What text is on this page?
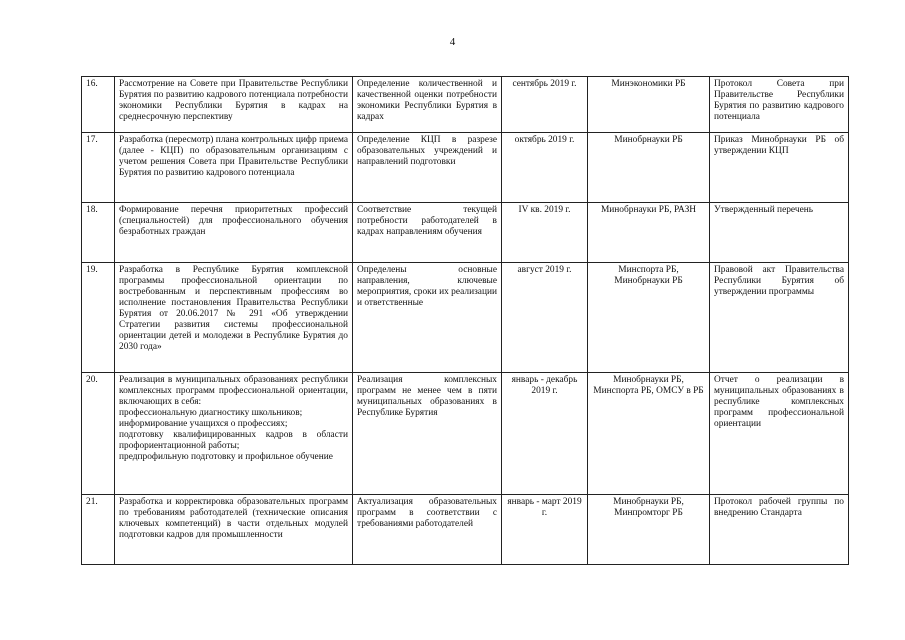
4
16.	Рассмотрение на Совете при Правительстве Республики Бурятия по развитию кадрового потенциала потребности экономики Республики Бурятия в кадрах на среднесрочную перспективу	Определение количественной и качественной оценки потребности экономики Республики Бурятия в кадрах	сентябрь 2019 г.	Минэкономики РБ	Протокол Совета при Правительстве Республики Бурятия по развитию кадрового потенциала
17.	Разработка (пересмотр) плана контрольных цифр приема (далее - КЦП) по образовательным организациям с учетом решения Совета при Правительстве Республики Бурятия по развитию кадрового потенциала	Определение КЦП в разрезе образовательных учреждений и направлений подготовки	октябрь 2019 г.	Минобрнауки РБ	Приказ Минобрнауки РБ об утверждении КЦП
18.	Формирование перечня приоритетных профессий (специальностей) для профессионального обучения безработных граждан	Соответствие текущей потребности работодателей в кадрах направлениям обучения	IV кв. 2019 г.	Минобрнауки РБ, РАЗН	Утвержденный перечень
19.	Разработка в Республике Бурятия комплексной программы профессиональной ориентации по востребованным и перспективным профессиям во исполнение постановления Правительства Республики Бурятия от 20.06.2017 № 291 «Об утверждении Стратегии развития системы профессиональной ориентации детей и молодежи в Республике Бурятия до 2030 года»	Определены основные направления, ключевые мероприятия, сроки их реализации и ответственные	август 2019 г.	Минспорта РБ, Минобрнауки РБ	Правовой акт Правительства Республики Бурятия об утверждении программы
20.	Реализация в муниципальных образованиях республики комплексных программ профессиональной ориентации, включающих в себя:
профессиональную диагностику школьников;
информирование учащихся о профессиях;
подготовку квалифицированных кадров в области профориентационной работы;
предпрофильную подготовку и профильное обучение	Реализация комплексных программ не менее чем в пяти муниципальных образованиях в Республике Бурятия	январь - декабрь 2019 г.	Минобрнауки РБ, Минспорта РБ, ОМСУ в РБ	Отчет о реализации в муниципальных образованиях в республике комплексных программ профессиональной ориентации
21.	Разработка и корректировка образовательных программ по требованиям работодателей (технические описания ключевых компетенций) в части отдельных модулей подготовки кадров для промышленности	Актуализация образовательных программ в соответствии с требованиями работодателей	январь - март 2019 г.	Минобрнауки РБ, Минпромторг РБ	Протокол рабочей группы по внедрению Стандарта
